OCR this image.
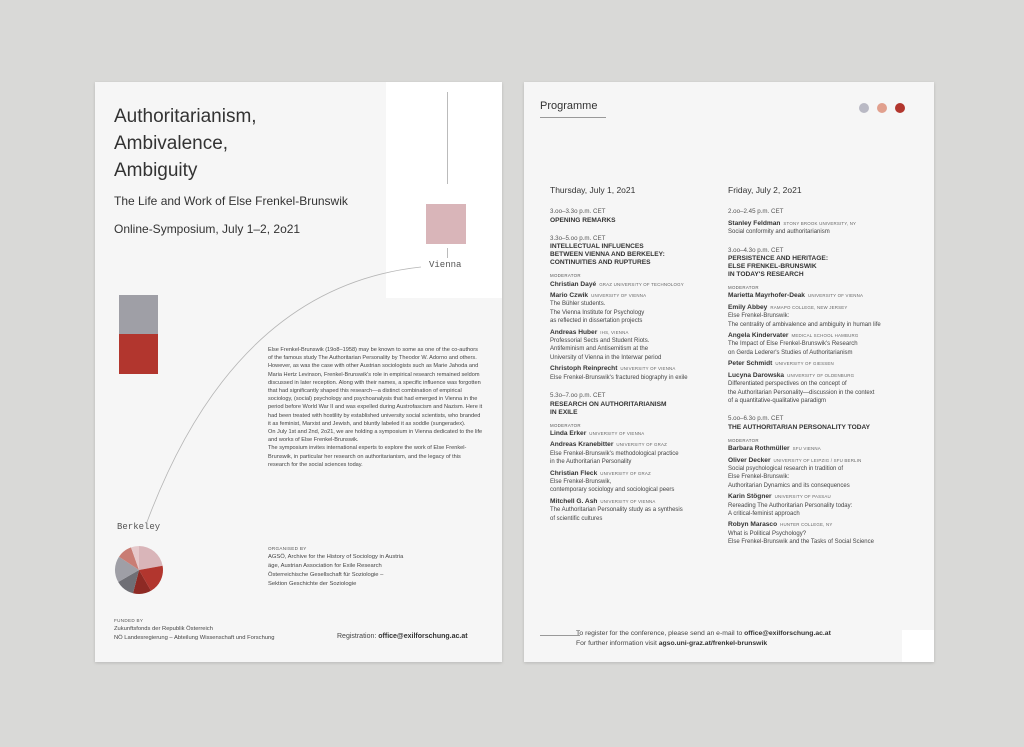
Vienna
Authoritarianism,
Ambivalence,
Ambiguity
The Life and Work of Else Frenkel-Brunswik
Online-Symposium, July 1–2, 2o21

Else Frenkel-Brunswik (19o8–1958) may be known to some as one of the co-authors of the famous study The Authoritarian Personality by Theodor W. Adorno and others. However, as was the case with other Austrian sociologists such as Marie Jahoda and Maria Hertz Levinson, Frenkel-Brunswik's role in empirical research remained seldom discussed in later reception. Along with their names, a specific influence was forgotten that had significantly shaped this research—a distinct combination of empirical sociology, (social) psychology and psychoanalysis that had emerged in Vienna in the period before World War II and was expelled during Austrofascism and Nazism. Here it had been treated with hostility by established university social scientists, who branded it as feminist, Marxist and Jewish, and bluntly labeled it as soddle (sungeradex).

On July 1st and 2nd, 2o21, we are holding a symposium in Vienna dedicated to the life and works of Else Frenkel-Brunswik.

The symposium invites international experts to explore the work of Else Frenkel-Brunswik, in particular her research on authoritarianism, and the legacy of this research for the social sciences today.

Berkeley
ORGANISED BY
AGSÖ, Archive for the History of Sociology in Austria
äge, Austrian Association for Exile Research
Österreichische Gesellschaft für Soziologie –
Sektion Geschichte der Soziologie
FUNDED BY
Zukunftsfonds der Republik Österreich
NÖ Landesregierung – Abteilung Wissenschaft und Forschung	Registration: office@exilforschung.ac.at
Programme
Thursday, July 1, 2o21
3.oo–3.3o p.m. CET
OPENING REMARKS
3.3o–5.oo p.m. CET
INTELLECTUAL INFLUENCES
BETWEEN VIENNA AND BERKELEY:
CONTINUITIES AND RUPTURES
MODERATOR
Christian Dayé GRAZ UNIVERSITY OF TECHNOLOGY
Mario Czwik UNIVERSITY OF VIENNA
The Bühler students.
The Vienna Institute for Psychology
as reflected in dissertation projects
Andreas Huber IHS, VIENNA
Professorial Sects and Student Riots.
Antifeminism and Antisemitism at the
University of Vienna in the Interwar period
Christoph Reinprecht UNIVERSITY OF VIENNA
Else Frenkel-Brunswik's fractured biography in exile
5.3o–7.oo p.m. CET
RESEARCH ON AUTHORITARIANISM
IN EXILE
MODERATOR
Linda Erker UNIVERSITY OF VIENNA
Andreas Kranebitter UNIVERSITY OF GRAZ
Else Frenkel-Brunswik's methodological practice
in the Authoritarian Personality
Christian Fleck UNIVERSITY OF GRAZ
Else Frenkel-Brunswik,
contemporary sociology and sociological peers
Mitchell G. Ash UNIVERSITY OF VIENNA
The Authoritarian Personality study as a synthesis
of scientific cultures
Friday, July 2, 2o21
2.oo–2.45 p.m. CET
Stanley Feldman STONY BROOK UNIVERSITY, NY
Social conformity and authoritarianism
3.oo–4.3o p.m. CET
PERSISTENCE AND HERITAGE:
ELSE FRENKEL-BRUNSWIK
IN TODAY'S RESEARCH
MODERATOR
Marietta Mayrhofer-Deak UNIVERSITY OF VIENNA
Emily Abbey RAMAPO COLLEGE, NEW JERSEY
Else Frenkel-Brunswik:
The centrality of ambivalence and ambiguity in human life
Angela Kindervater MEDICAL SCHOOL HAMBURG
The Impact of Else Frenkel-Brunswik's Research
on Gerda Lederer's Studies of Authoritarianism
Peter Schmidt UNIVERSITY OF GIESSEN
Lucyna Darowska UNIVERSITY OF OLDENBURG
Differentiated perspectives on the concept of
the Authoritarian Personality—discussion in the context
of a quantitative-qualitative paradigm
5.oo–6.3o p.m. CET
THE AUTHORITARIAN PERSONALITY TODAY
MODERATOR
Barbara Rothmüller SFU VIENNA
Oliver Decker UNIVERSITY OF LEIPZIG / SFU BERLIN
Social psychological research in tradition of
Else Frenkel-Brunswik:
Authoritarian Dynamics and its consequences
Karin Stögner UNIVERSITY OF PASSAU
Rereading The Authoritarian Personality today:
A critical-feminist approach
Robyn Marasco HUNTER COLLEGE, NY
What is Political Psychology?
Else Frenkel-Brunswik and the Tasks of Social Science
To register for the conference, please send an e-mail to office@exilforschung.ac.at
For further information visit agso.uni-graz.at/frenkel-brunswik
